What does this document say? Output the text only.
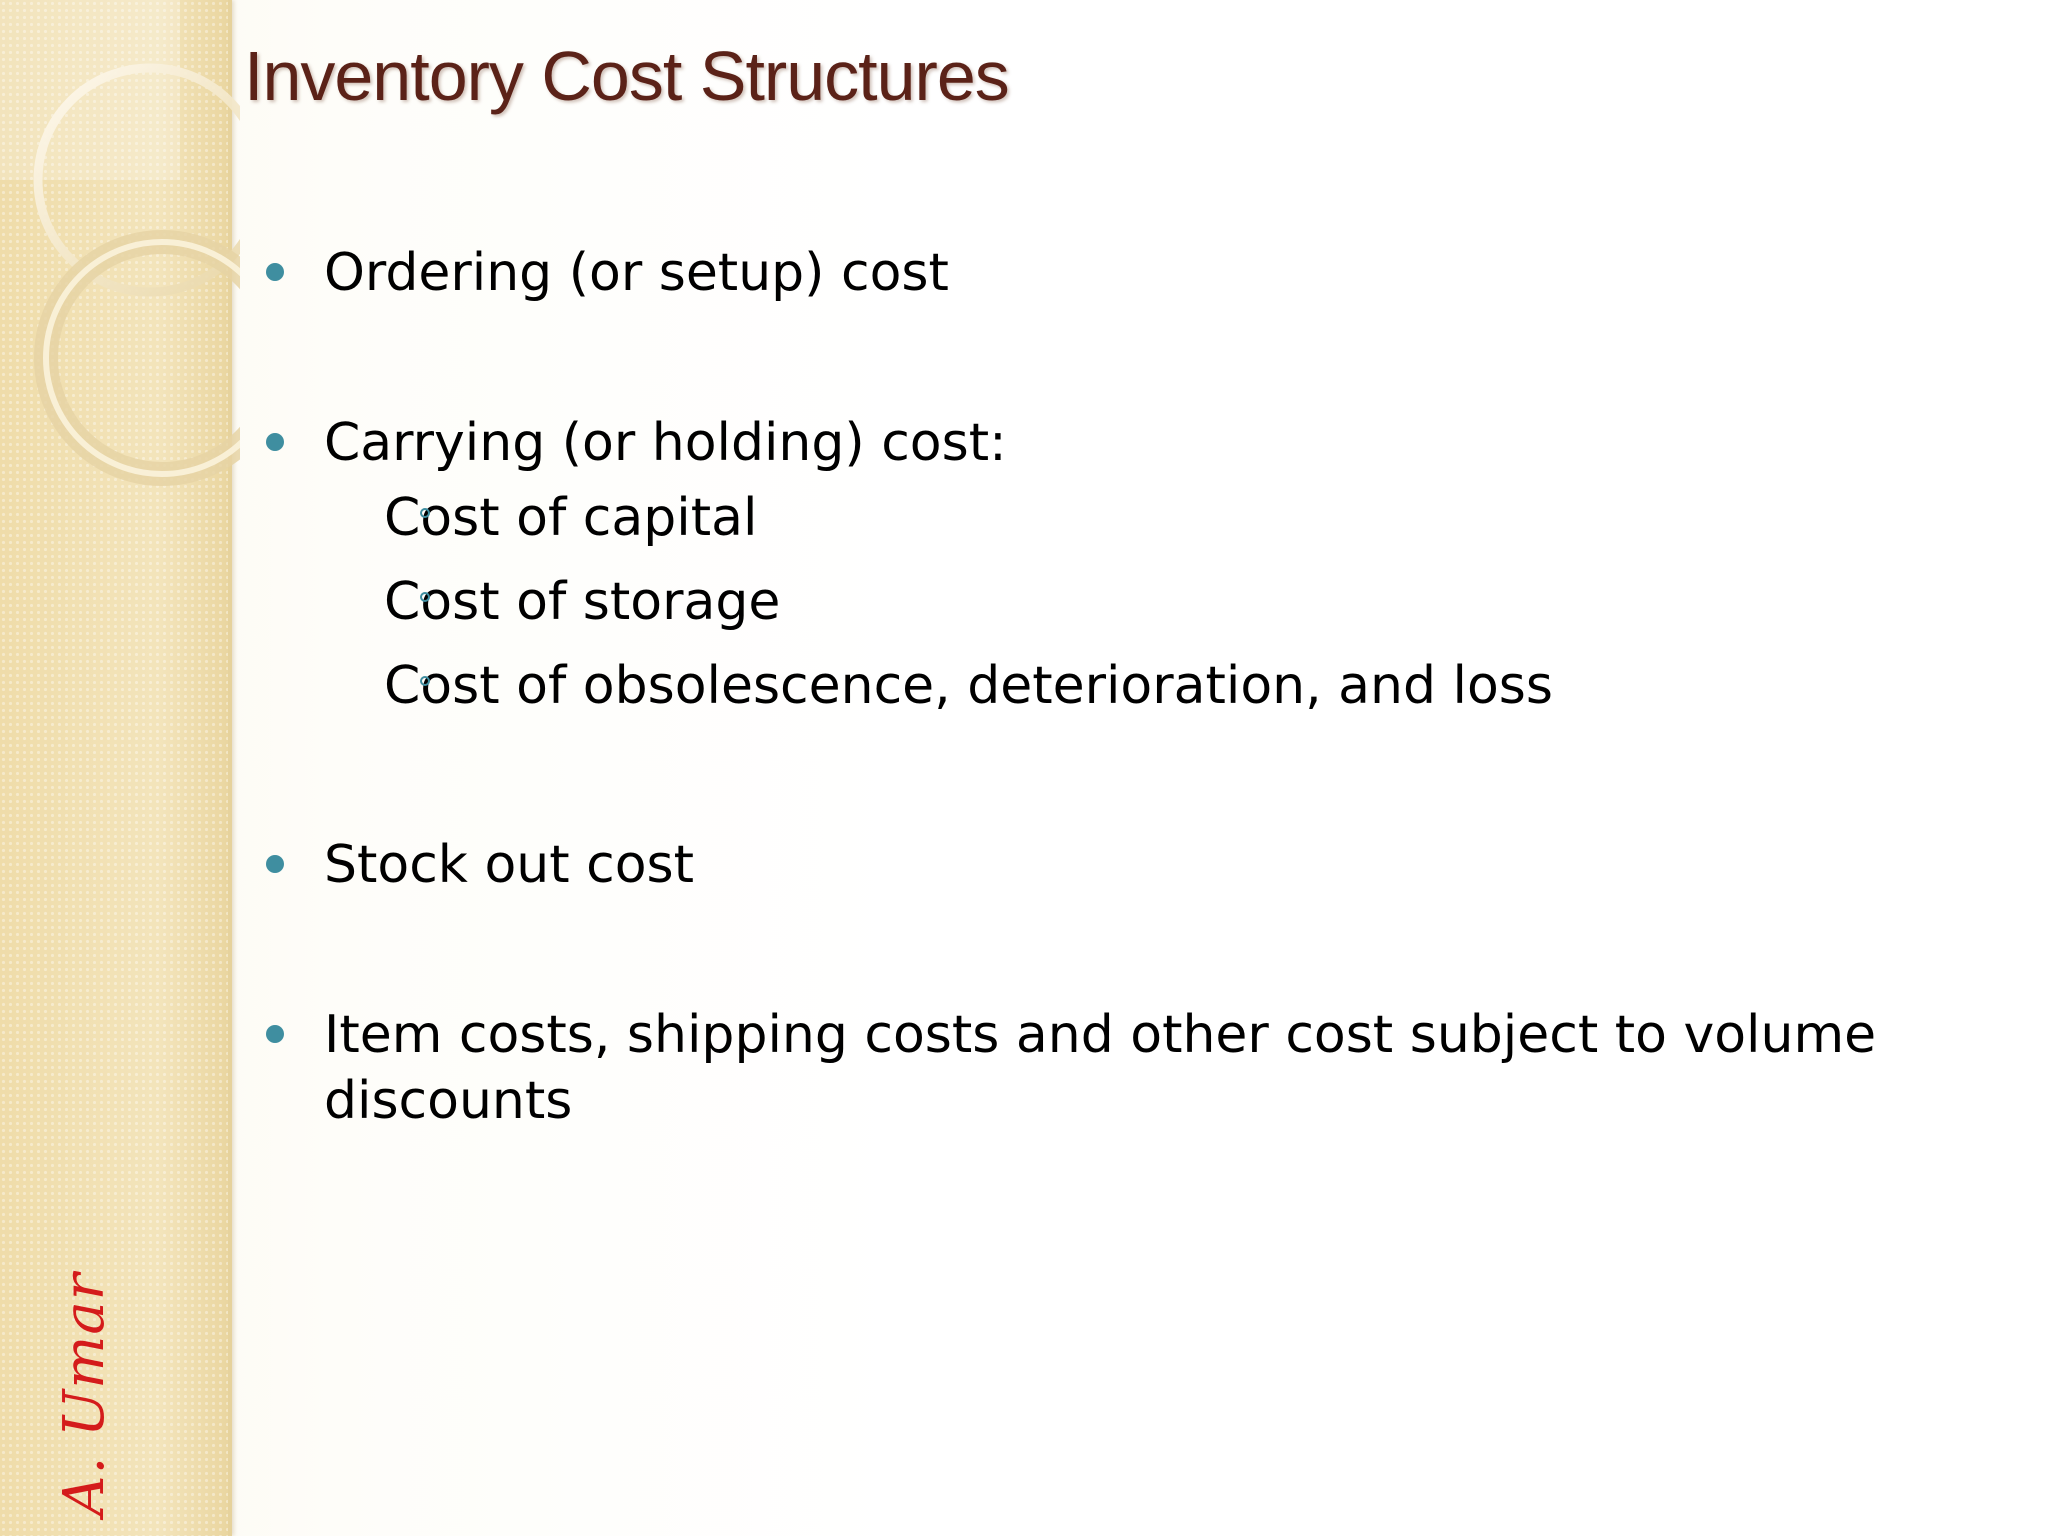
A. Umar
Inventory Cost Structures
Ordering (or setup) cost
Carrying (or holding) cost:
Cost of capital
Cost of storage
Cost of obsolescence, deterioration, and loss
Stock out cost
Item costs, shipping costs and other cost subject to volume discounts
